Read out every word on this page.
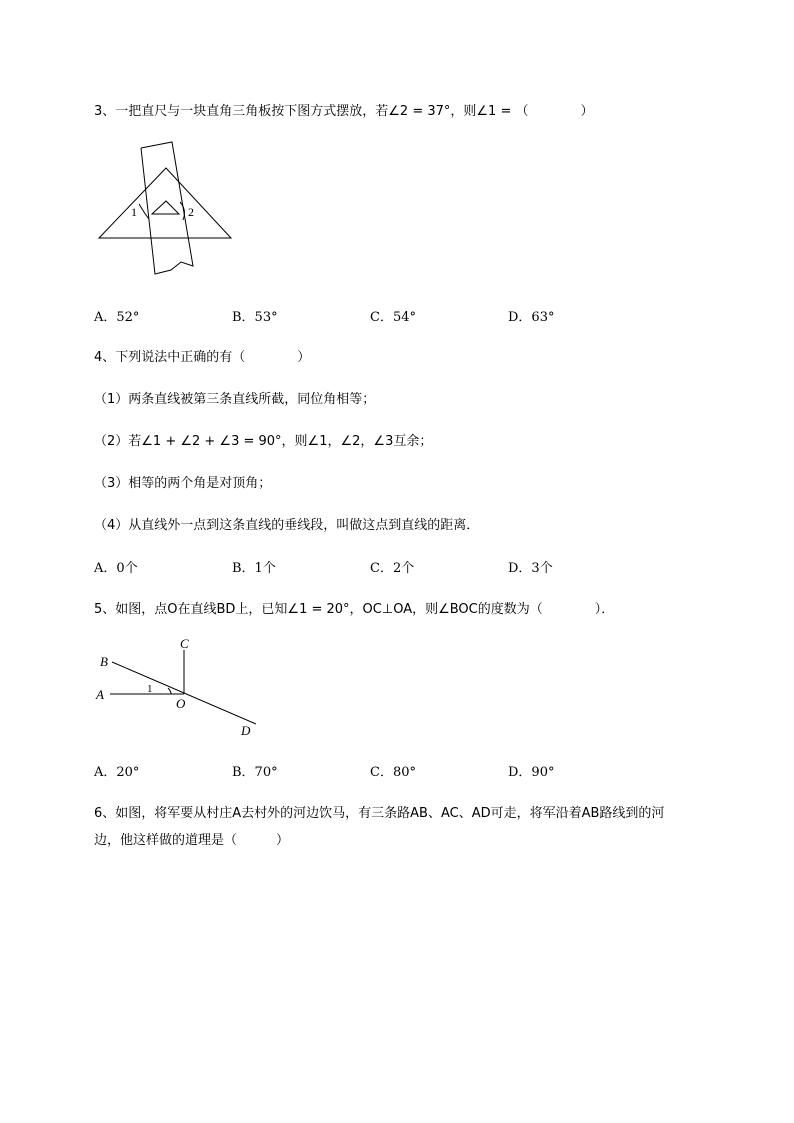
3、一把直尺与一块直角三角板按下图方式摆放，若∠2 = 37°，则∠1 = （　　　　）
1	2
A．52°	B．53°	C．54°	D．63°
4、下列说法中正确的有（　　　　）
（1）两条直线被第三条直线所截，同位角相等；
（2）若∠1 + ∠2 + ∠3 = 90°，则∠1，∠2，∠3互余；
（3）相等的两个角是对顶角；
（4）从直线外一点到这条直线的垂线段，叫做这点到直线的距离．
A．0个	B．1个	C．2个	D．3个
5、如图，点O在直线BD上，已知∠1 = 20°，OC⊥OA，则∠BOC的度数为（　　　　）．
C
B
A	1
O
D
A．20°	B．70°	C．80°	D．90°
6、如图，将军要从村庄A去村外的河边饮马，有三条路AB、AC、AD可走，将军沿着AB路线到的河
边，他这样做的道理是（　　　）
